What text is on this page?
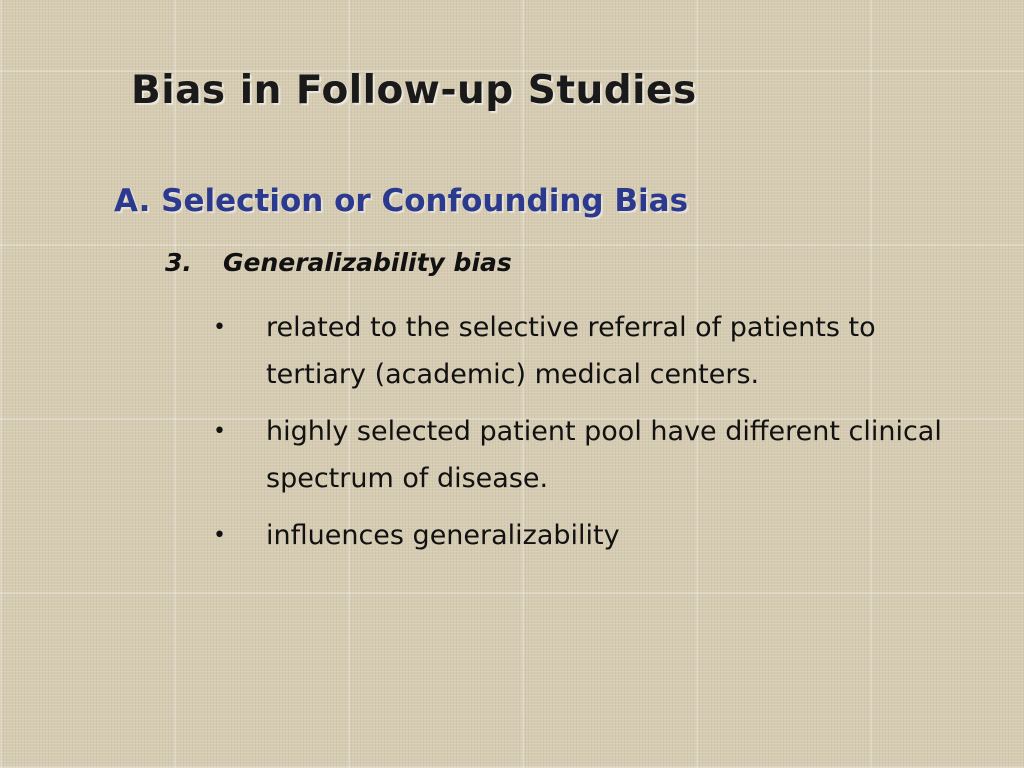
Bias in Follow-up Studies
A. Selection or Confounding Bias
3. Generalizability bias
• related to the selective referral of patients to tertiary (academic) medical centers.
• highly selected patient pool have different clinical spectrum of disease.
• influences generalizability
